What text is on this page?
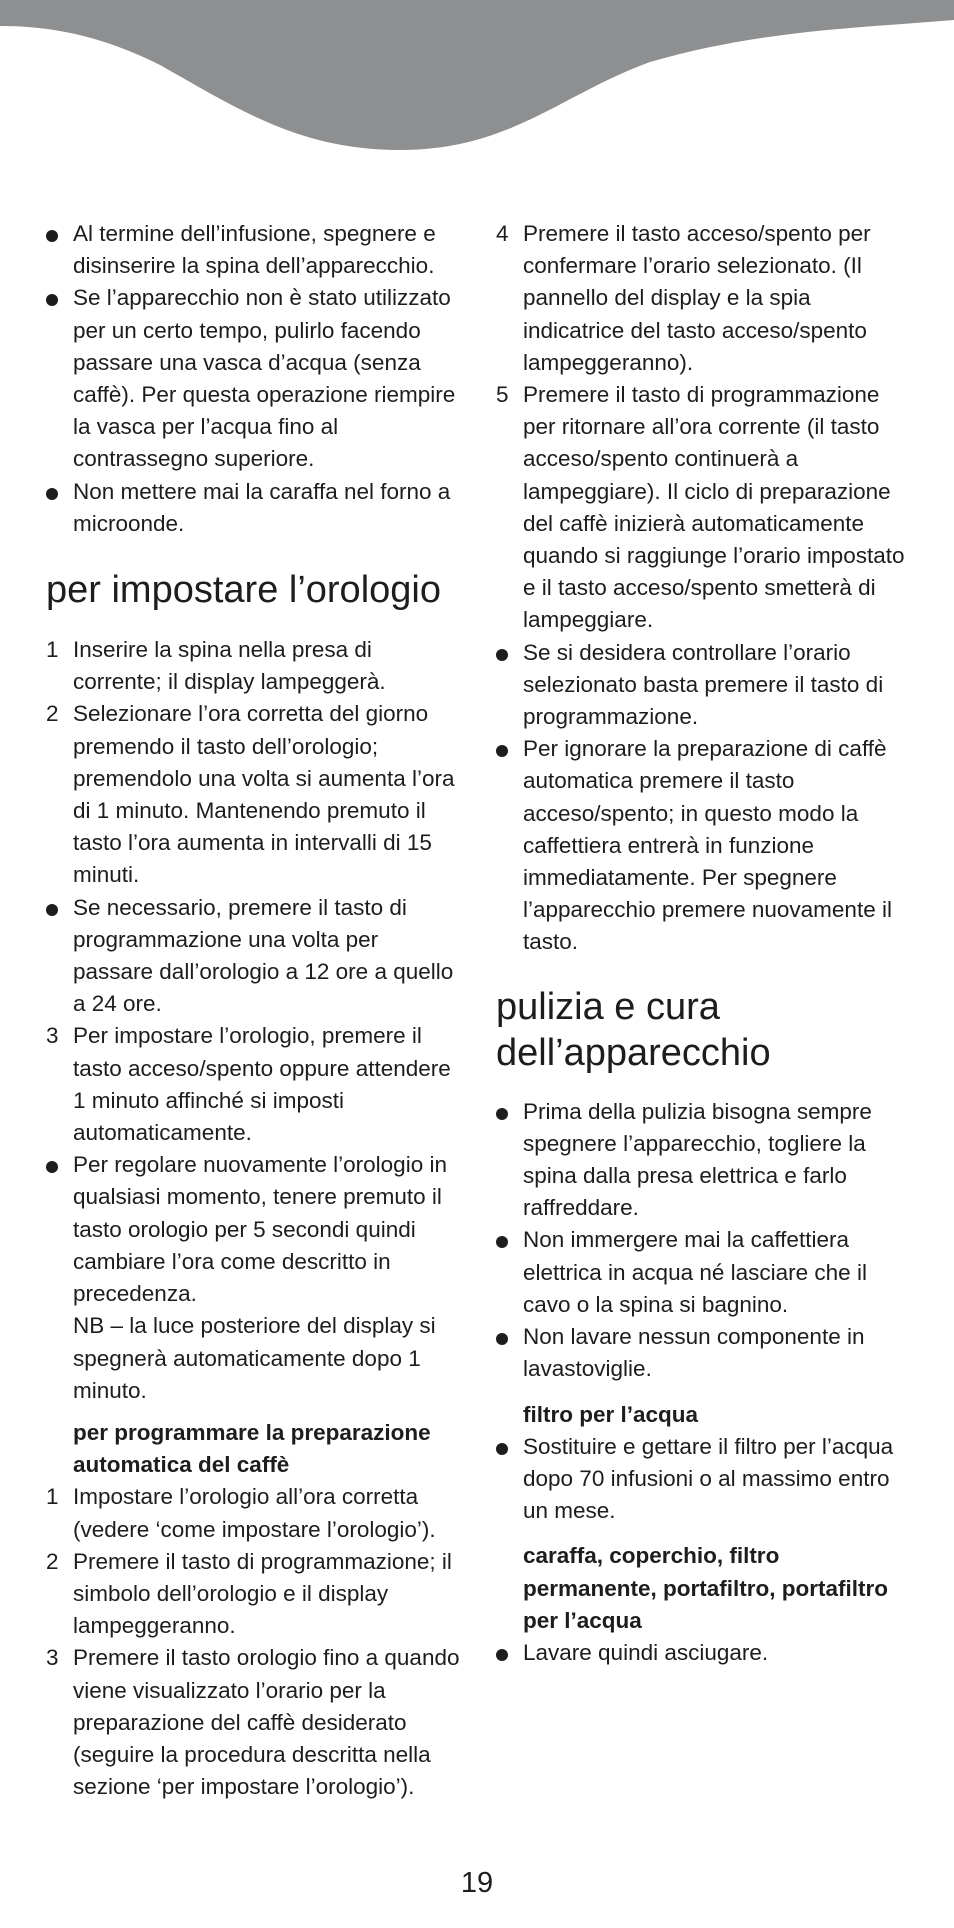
Al termine dell’infusione, spegnere e disinserire la spina dell’apparecchio.
Se l’apparecchio non è stato utilizzato per un certo tempo, pulirlo facendo passare una vasca d’acqua (senza caffè). Per questa operazione riempire la vasca per l’acqua fino al contrassegno superiore.
Non mettere mai la caraffa nel forno a microonde.
per impostare l’orologio
1 Inserire la spina nella presa di corrente; il display lampeggerà.
2 Selezionare l’ora corretta del giorno premendo il tasto dell’orologio; premendolo una volta si aumenta l’ora di 1 minuto. Mantenendo premuto il tasto l’ora aumenta in intervalli di 15 minuti.
Se necessario, premere il tasto di programmazione una volta per passare dall’orologio a 12 ore a quello a 24 ore.
3 Per impostare l’orologio, premere il tasto acceso/spento oppure attendere 1 minuto affinché si imposti automaticamente.
Per regolare nuovamente l’orologio in qualsiasi momento, tenere premuto il tasto orologio per 5 secondi quindi cambiare l’ora come descritto in precedenza.
NB – la luce posteriore del display si spegnerà automaticamente dopo 1 minuto.
per programmare la preparazione automatica del caffè
1 Impostare l’orologio all’ora corretta (vedere ‘come impostare l’orologio’).
2 Premere il tasto di programmazione; il simbolo dell’orologio e il display lampeggeranno.
3 Premere il tasto orologio fino a quando viene visualizzato l’orario per la preparazione del caffè desiderato (seguire la procedura descritta nella sezione ‘per impostare l’orologio’).
4 Premere il tasto acceso/spento per confermare l’orario selezionato. (Il pannello del display e la spia indicatrice del tasto acceso/spento lampeggeranno).
5 Premere il tasto di programmazione per ritornare all’ora corrente (il tasto acceso/spento continuerà a lampeggiare). Il ciclo di preparazione del caffè inizierà automaticamente quando si raggiunge l’orario impostato e il tasto acceso/spento smetterà di lampeggiare.
Se si desidera controllare l’orario selezionato basta premere il tasto di programmazione.
Per ignorare la preparazione di caffè automatica premere il tasto acceso/spento; in questo modo la caffettiera entrerà in funzione immediatamente. Per spegnere l’apparecchio premere nuovamente il tasto.
pulizia e cura
dell’apparecchio
Prima della pulizia bisogna sempre spegnere l’apparecchio, togliere la spina dalla presa elettrica e farlo raffreddare.
Non immergere mai la caffettiera elettrica in acqua né lasciare che il cavo o la spina si bagnino.
Non lavare nessun componente in lavastoviglie.
filtro per l’acqua
Sostituire e gettare il filtro per l’acqua dopo 70 infusioni o al massimo entro un mese.
caraffa, coperchio, filtro permanente, portafiltro, portafiltro per l’acqua
Lavare quindi asciugare.
19
